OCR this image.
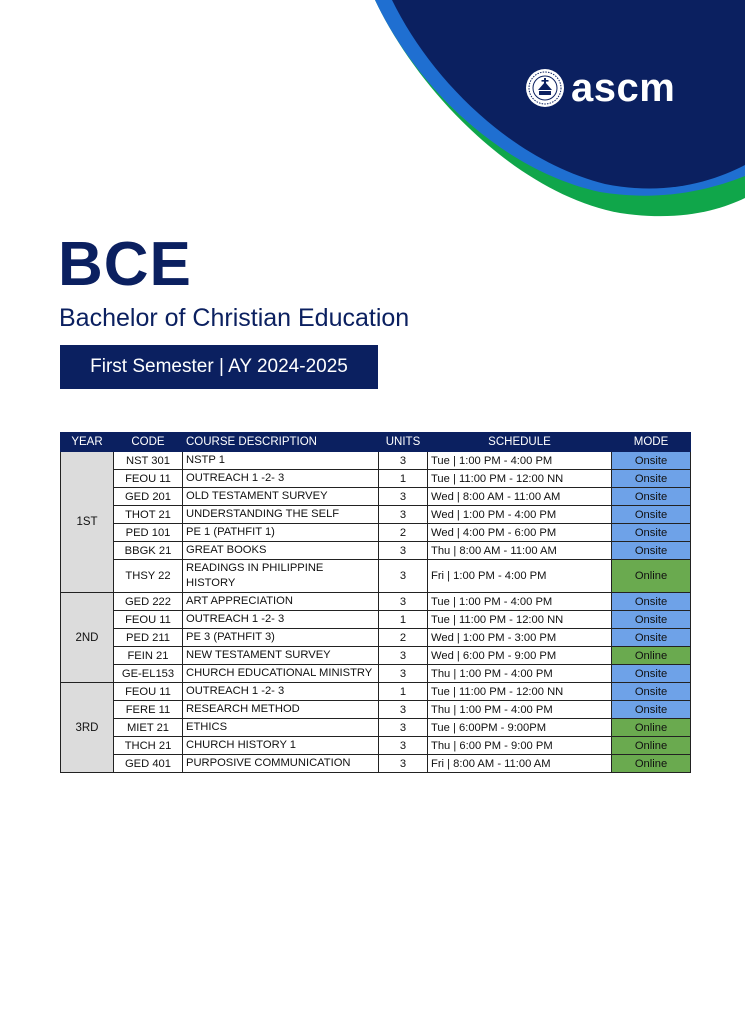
ascm
BCE
Bachelor of Christian Education
First Semester | AY 2024-2025
YEAR	CODE	COURSE DESCRIPTION	UNITS	SCHEDULE	MODE
1ST	NST 301	NSTP 1	3	Tue | 1:00 PM - 4:00 PM	Onsite
	FEOU 11	OUTREACH 1 -2- 3	1	Tue | 11:00 PM - 12:00 NN	Onsite
	GED 201	OLD TESTAMENT SURVEY	3	Wed | 8:00 AM - 11:00 AM	Onsite
	THOT 21	UNDERSTANDING THE SELF	3	Wed | 1:00 PM - 4:00 PM	Onsite
	PED 101	PE 1 (PATHFIT 1)	2	Wed | 4:00 PM - 6:00 PM	Onsite
	BBGK 21	GREAT BOOKS	3	Thu | 8:00 AM - 11:00 AM	Onsite
	THSY 22	READINGS IN PHILIPPINE HISTORY	3	Fri | 1:00 PM - 4:00 PM	Online
2ND	GED 222	ART APPRECIATION	3	Tue | 1:00 PM - 4:00 PM	Onsite
	FEOU 11	OUTREACH 1 -2- 3	1	Tue | 11:00 PM - 12:00 NN	Onsite
	PED 211	PE 3 (PATHFIT 3)	2	Wed | 1:00 PM - 3:00 PM	Onsite
	FEIN 21	NEW TESTAMENT SURVEY	3	Wed | 6:00 PM - 9:00 PM	Online
	GE-EL153	CHURCH EDUCATIONAL MINISTRY	3	Thu | 1:00 PM - 4:00 PM	Onsite
3RD	FEOU 11	OUTREACH 1 -2- 3	1	Tue | 11:00 PM - 12:00 NN	Onsite
	FERE 11	RESEARCH METHOD	3	Thu | 1:00 PM - 4:00 PM	Onsite
	MIET 21	ETHICS	3	Tue | 6:00PM - 9:00PM	Online
	THCH 21	CHURCH HISTORY 1	3	Thu | 6:00 PM - 9:00 PM	Online
	GED 401	PURPOSIVE COMMUNICATION	3	Fri | 8:00 AM - 11:00 AM	Online
